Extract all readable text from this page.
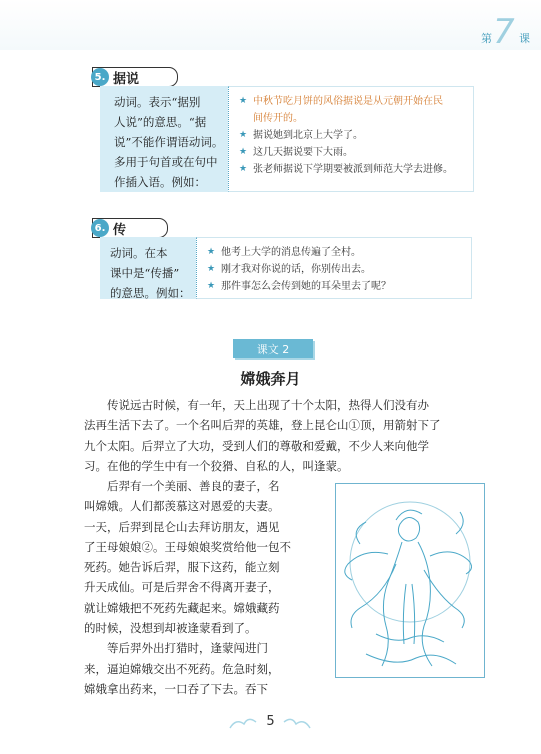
第 7 课
5. 据说
动词。表示“据别
人说”的意思。“据
说”不能作谓语动词。
多用于句首或在句中
作插入语。例如：
★ 中秋节吃月饼的风俗据说是从元朝开始在民
间传开的。
★ 据说她到北京上大学了。
★ 这几天据说要下大雨。
★ 张老师据说下学期要被派到师范大学去进修。
6. 传
动词。在本
课中是“传播”
的意思。例如：
★ 他考上大学的消息传遍了全村。
★ 刚才我对你说的话，你别传出去。
★ 那件事怎么会传到她的耳朵里去了呢？
课文 2
嫦娥奔月
　　传说远古时候，有一年，天上出现了十个太阳，热得人们没有办
法再生活下去了。一个名叫后羿的英雄，登上昆仑山①顶，用箭射下了
九个太阳。后羿立了大功，受到人们的尊敬和爱戴，不少人来向他学
习。在他的学生中有一个狡猾、自私的人，叫逢蒙。
　　后羿有一个美丽、善良的妻子，名
叫嫦娥。人们都羡慕这对恩爱的夫妻。
一天，后羿到昆仑山去拜访朋友，遇见
了王母娘娘②。王母娘娘奖赏给他一包不
死药。她告诉后羿，服下这药，能立刻
升天成仙。可是后羿舍不得离开妻子，
就让嫦娥把不死药先藏起来。嫦娥藏药
的时候，没想到却被逢蒙看到了。
　　等后羿外出打猎时，逢蒙闯进门
来，逼迫嫦娥交出不死药。危急时刻，
嫦娥拿出药来，一口吞了下去。吞下
5
